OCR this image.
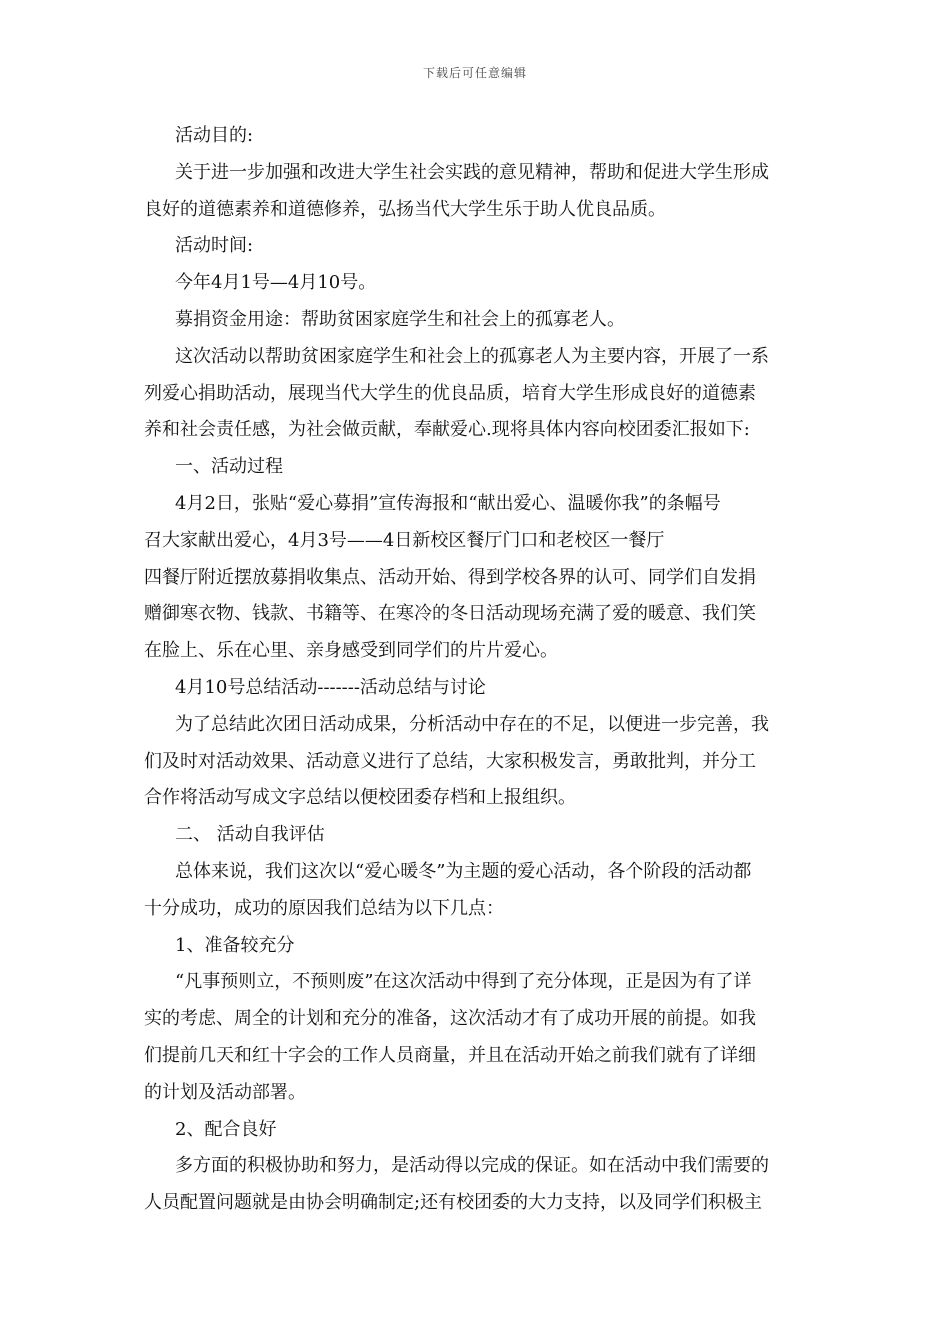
下载后可任意编辑
活动目的:
关于进一步加强和改进大学生社会实践的意见精神，帮助和促进大学生形成
良好的道德素养和道德修养，弘扬当代大学生乐于助人优良品质。
活动时间:
今年4月1号—4月10号。
募捐资金用途：帮助贫困家庭学生和社会上的孤寡老人。
这次活动以帮助贫困家庭学生和社会上的孤寡老人为主要内容，开展了一系
列爱心捐助活动，展现当代大学生的优良品质，培育大学生形成良好的道德素
养和社会责任感，为社会做贡献，奉献爱心.现将具体内容向校团委汇报如下:
一、活动过程
4月2日，张贴“爱心募捐”宣传海报和“献出爱心、温暖你我”的条幅号
召大家献出爱心，4月3号——4日新校区餐厅门口和老校区一餐厅
四餐厅附近摆放募捐收集点、活动开始、得到学校各界的认可、同学们自发捐
赠御寒衣物、钱款、书籍等、在寒冷的冬日活动现场充满了爱的暖意、我们笑
在脸上、乐在心里、亲身感受到同学们的片片爱心。
4月10号总结活动-------活动总结与讨论
为了总结此次团日活动成果，分析活动中存在的不足，以便进一步完善，我
们及时对活动效果、活动意义进行了总结，大家积极发言，勇敢批判，并分工
合作将活动写成文字总结以便校团委存档和上报组织。
二、 活动自我评估
总体来说，我们这次以“爱心暖冬”为主题的爱心活动，各个阶段的活动都
十分成功，成功的原因我们总结为以下几点：
1、准备较充分
“凡事预则立，不预则废”在这次活动中得到了充分体现，正是因为有了详
实的考虑、周全的计划和充分的准备，这次活动才有了成功开展的前提。如我
们提前几天和红十字会的工作人员商量，并且在活动开始之前我们就有了详细
的计划及活动部署。
2、配合良好
多方面的积极协助和努力，是活动得以完成的保证。如在活动中我们需要的
人员配置问题就是由协会明确制定;还有校团委的大力支持，以及同学们积极主
